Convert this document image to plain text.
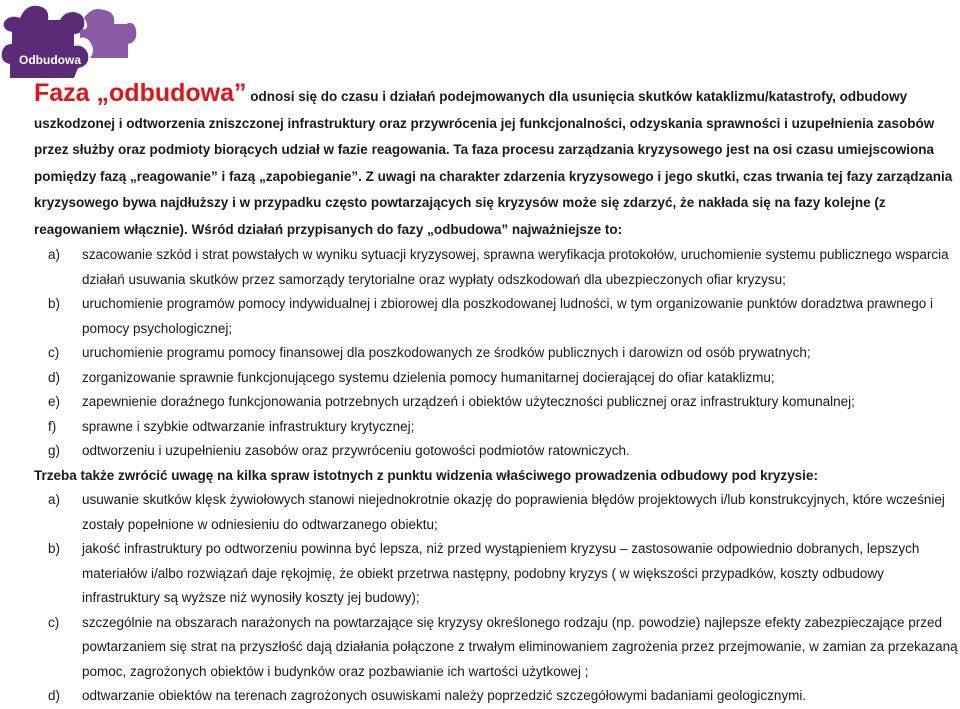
Odbudowa

Faza „odbudowa” odnosi się do czasu i działań podejmowanych dla usunięcia skutków kataklizmu/katastrofy, odbudowy uszkodzonej i odtworzenia zniszczonej infrastruktury oraz przywrócenia jej funkcjonalności, odzyskania sprawności i uzupełnienia zasobów przez służby oraz podmioty biorących udział w fazie reagowania. Ta faza procesu zarządzania kryzysowego jest na osi czasu umiejscowiona pomiędzy fazą „reagowanie” i fazą „zapobieganie”. Z uwagi na charakter zdarzenia kryzysowego i jego skutki, czas trwania tej fazy zarządzania kryzysowego bywa najdłuższy i w przypadku często powtarzających się kryzysów może się zdarzyć, że nakłada się na fazy kolejne (z reagowaniem włącznie). Wśród działań przypisanych do fazy „odbudowa” najważniejsze to:

a) szacowanie szkód i strat powstałych w wyniku sytuacji kryzysowej, sprawna weryfikacja protokołów, uruchomienie systemu publicznego wsparcia działań usuwania skutków przez samorządy terytorialne oraz wypłaty odszkodowań dla ubezpieczonych ofiar kryzysu;
b) uruchomienie programów pomocy indywidualnej i zbiorowej dla poszkodowanej ludności, w tym organizowanie punktów doradztwa prawnego i pomocy psychologicznej;
c) uruchomienie programu pomocy finansowej dla poszkodowanych ze środków publicznych i darowizn od osób prywatnych;
d) zorganizowanie sprawnie funkcjonującego systemu dzielenia pomocy humanitarnej docierającej do ofiar kataklizmu;
e) zapewnienie doraźnego funkcjonowania potrzebnych urządzeń i obiektów użyteczności publicznej oraz infrastruktury komunalnej;
f) sprawne i szybkie odtwarzanie infrastruktury krytycznej;
g) odtworzeniu i uzupełnieniu zasobów oraz przywróceniu gotowości podmiotów ratowniczych.

Trzeba także zwrócić uwagę na kilka spraw istotnych z punktu widzenia właściwego prowadzenia odbudowy pod kryzysie:

a) usuwanie skutków klęsk żywiołowych stanowi niejednokrotnie okazję do poprawienia błędów projektowych i/lub konstrukcyjnych, które wcześniej zostały popełnione w odniesieniu do odtwarzanego obiektu;
b) jakość infrastruktury po odtworzeniu powinna być lepsza, niż przed wystąpieniem kryzysu – zastosowanie odpowiednio dobranych, lepszych materiałów i/albo rozwiązań daje rękojmię, że obiekt przetrwa następny, podobny kryzys ( w większości przypadków, koszty odbudowy infrastruktury są wyższe niż wynosiły koszty jej budowy);
c) szczególnie na obszarach narażonych na powtarzające się kryzysy określonego rodzaju (np. powodzie) najlepsze efekty zabezpieczające przed powtarzaniem się strat na przyszłość dają działania połączone z trwałym eliminowaniem zagrożenia przez przejmowanie, w zamian za przekazaną pomoc, zagrożonych obiektów i budynków oraz pozbawianie ich wartości użytkowej ;
d) odtwarzanie obiektów na terenach zagrożonych osuwiskami należy poprzedzić szczegółowymi badaniami geologicznymi.
